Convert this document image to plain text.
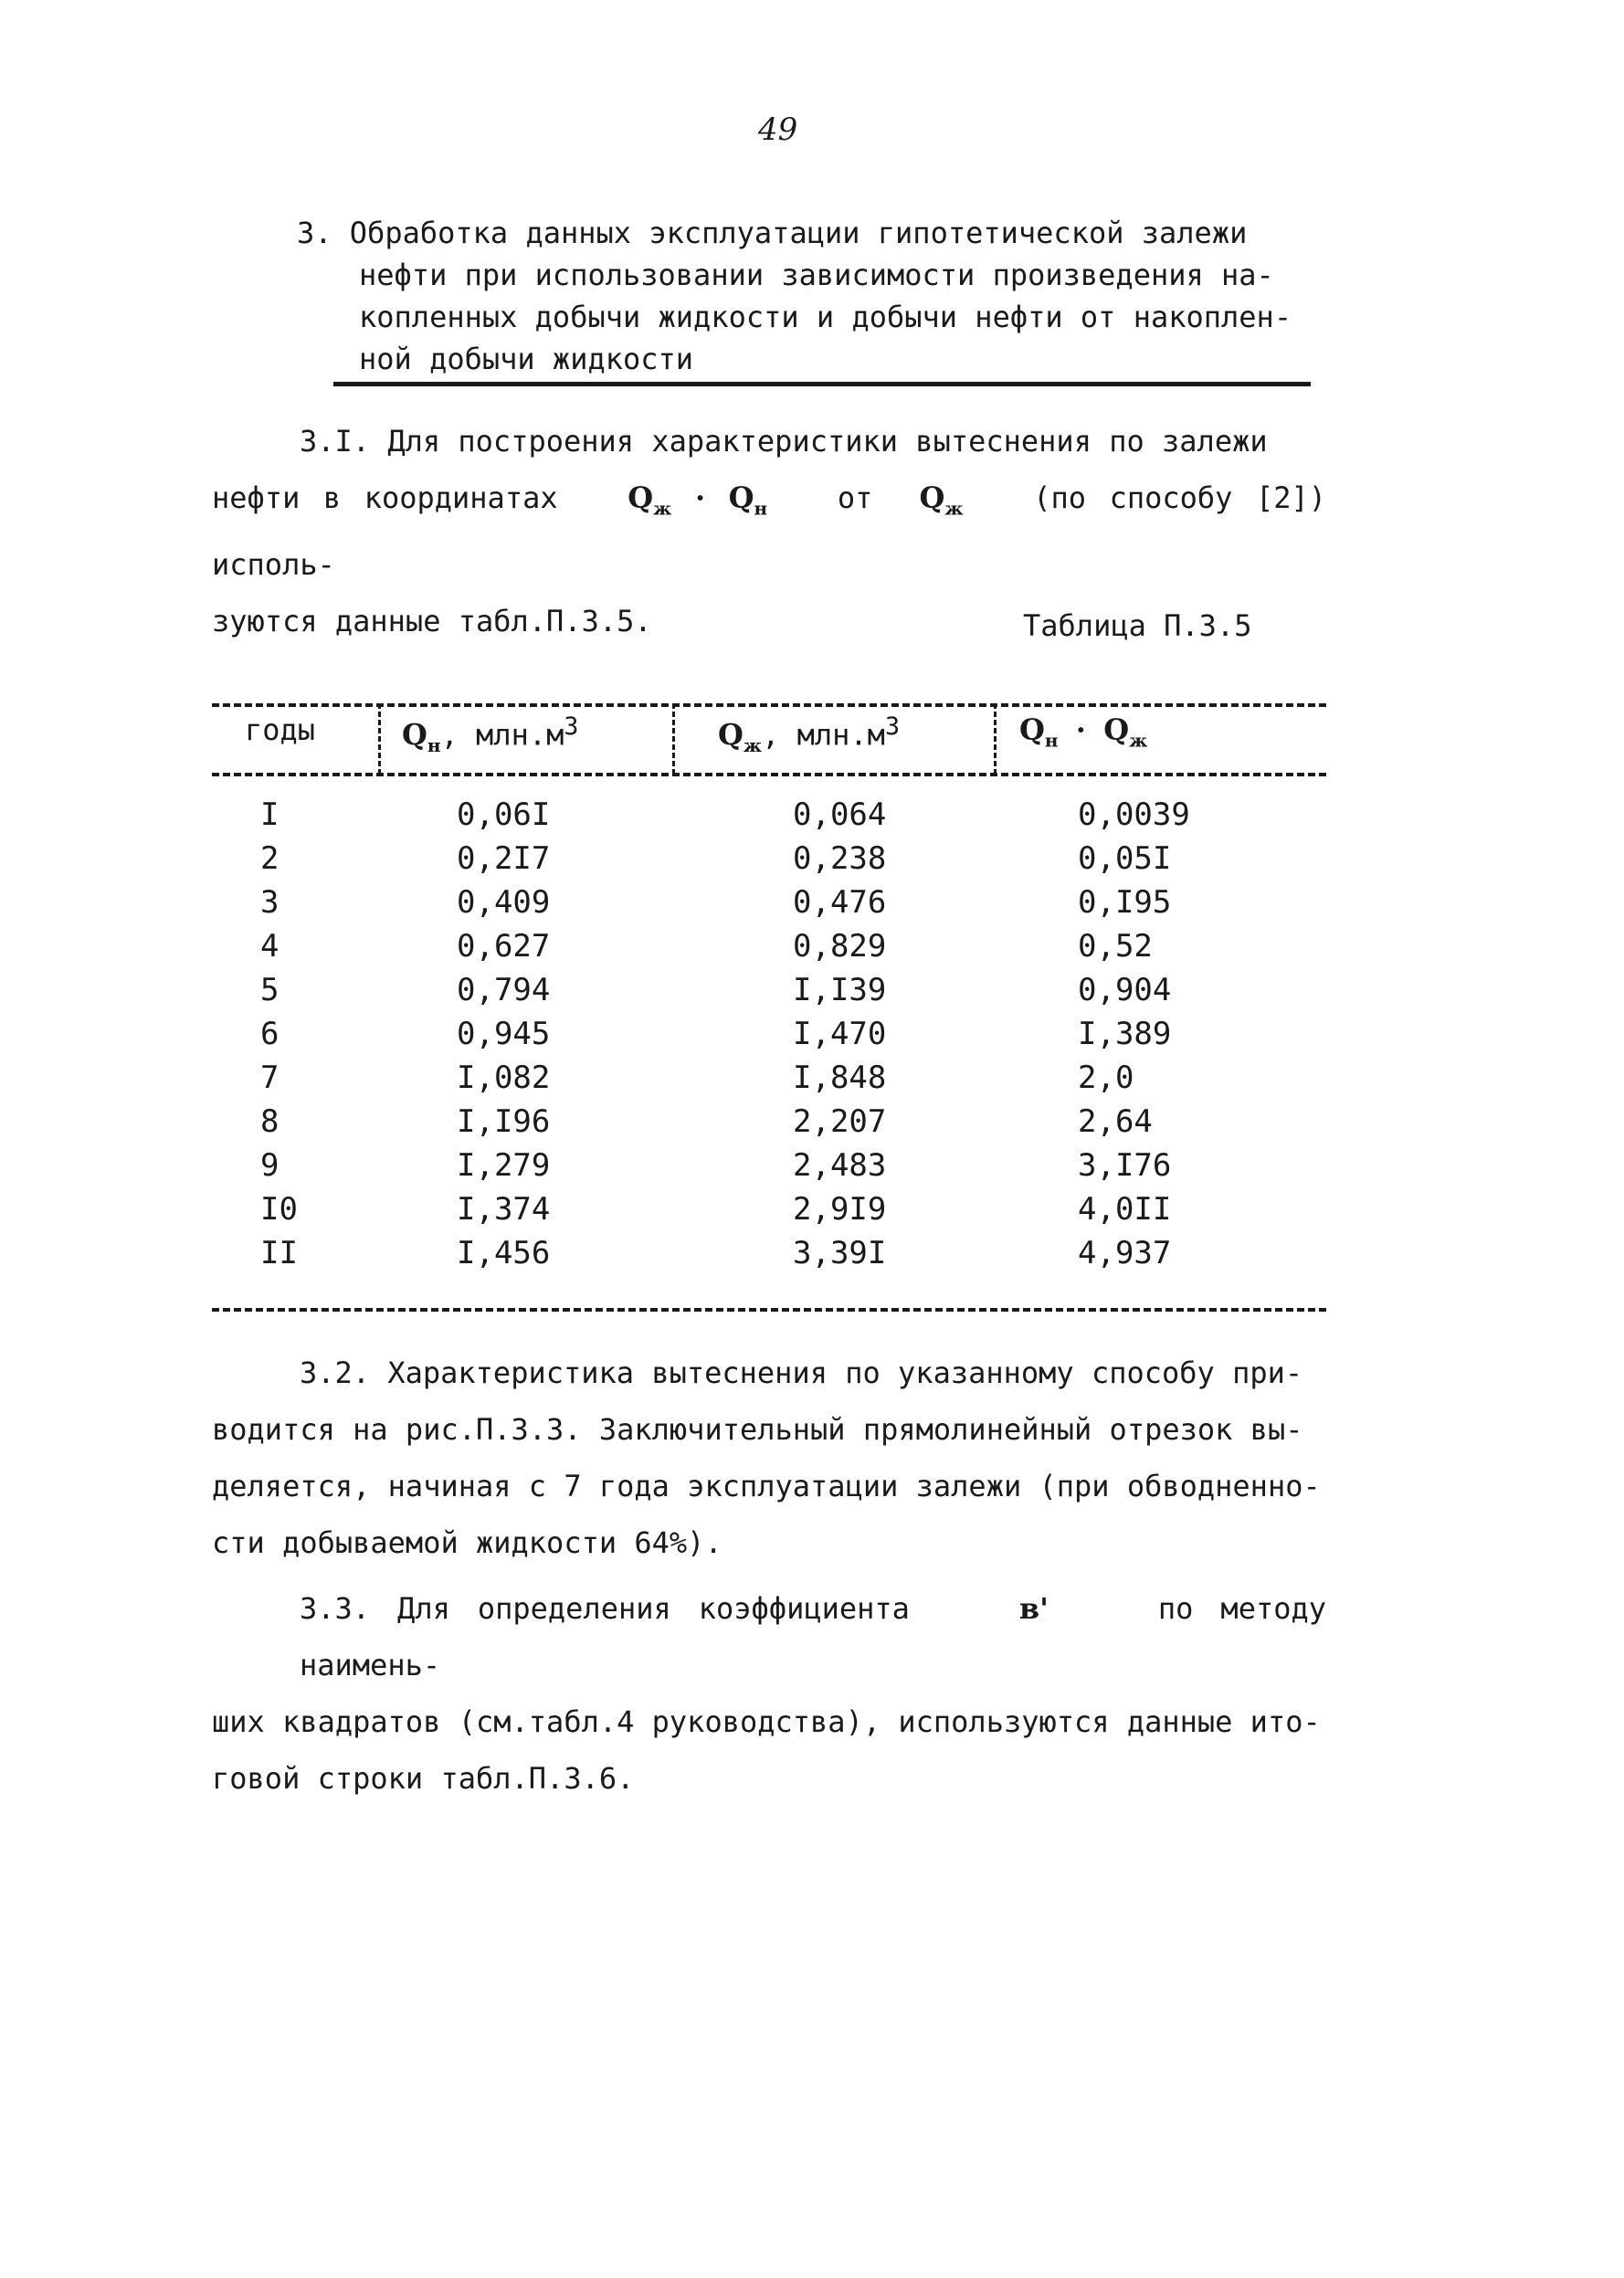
49
3. Обработка данных эксплуатации гипотетической залежи
нефти при использовании зависимости произведения на-
копленных добычи жидкости и добычи нефти от накоплен-
ной добычи жидкости
3.I. Для построения характеристики вытеснения по залежи
нефти в координатах $Q_ж \cdot Q_н$ от $Q_ж$ (по способу [2]) исполь-
зуются данные табл.П.3.5.	Таблица П.3.5
годы	$Q_н$, $млн.м^3$	$Q_ж$, $млн.м^3$	$Q_н \cdot Q_ж$
I	0,06I	0,064	0,0039
2	0,2I7	0,238	0,05I
3	0,409	0,476	0,I95
4	0,627	0,829	0,52
5	0,794	I,I39	0,904
6	0,945	I,470	I,389
7	I,082	I,848	2,0
8	I,I96	2,207	2,64
9	I,279	2,483	3,I76
I0	I,374	2,9I9	4,0II
II	I,456	3,39I	4,937
3.2. Характеристика вытеснения по указанному способу при-
водится на рис.П.3.3. Заключительный прямолинейный отрезок вы-
деляется, начиная с 7 года эксплуатации залежи (при обводненно-
сти добываемой жидкости 64%).
3.3. Для определения коэффициента	в'	по методу наимень-
ших квадратов (см.табл.4 руководства), используются данные ито-
говой строки табл.П.3.6.
